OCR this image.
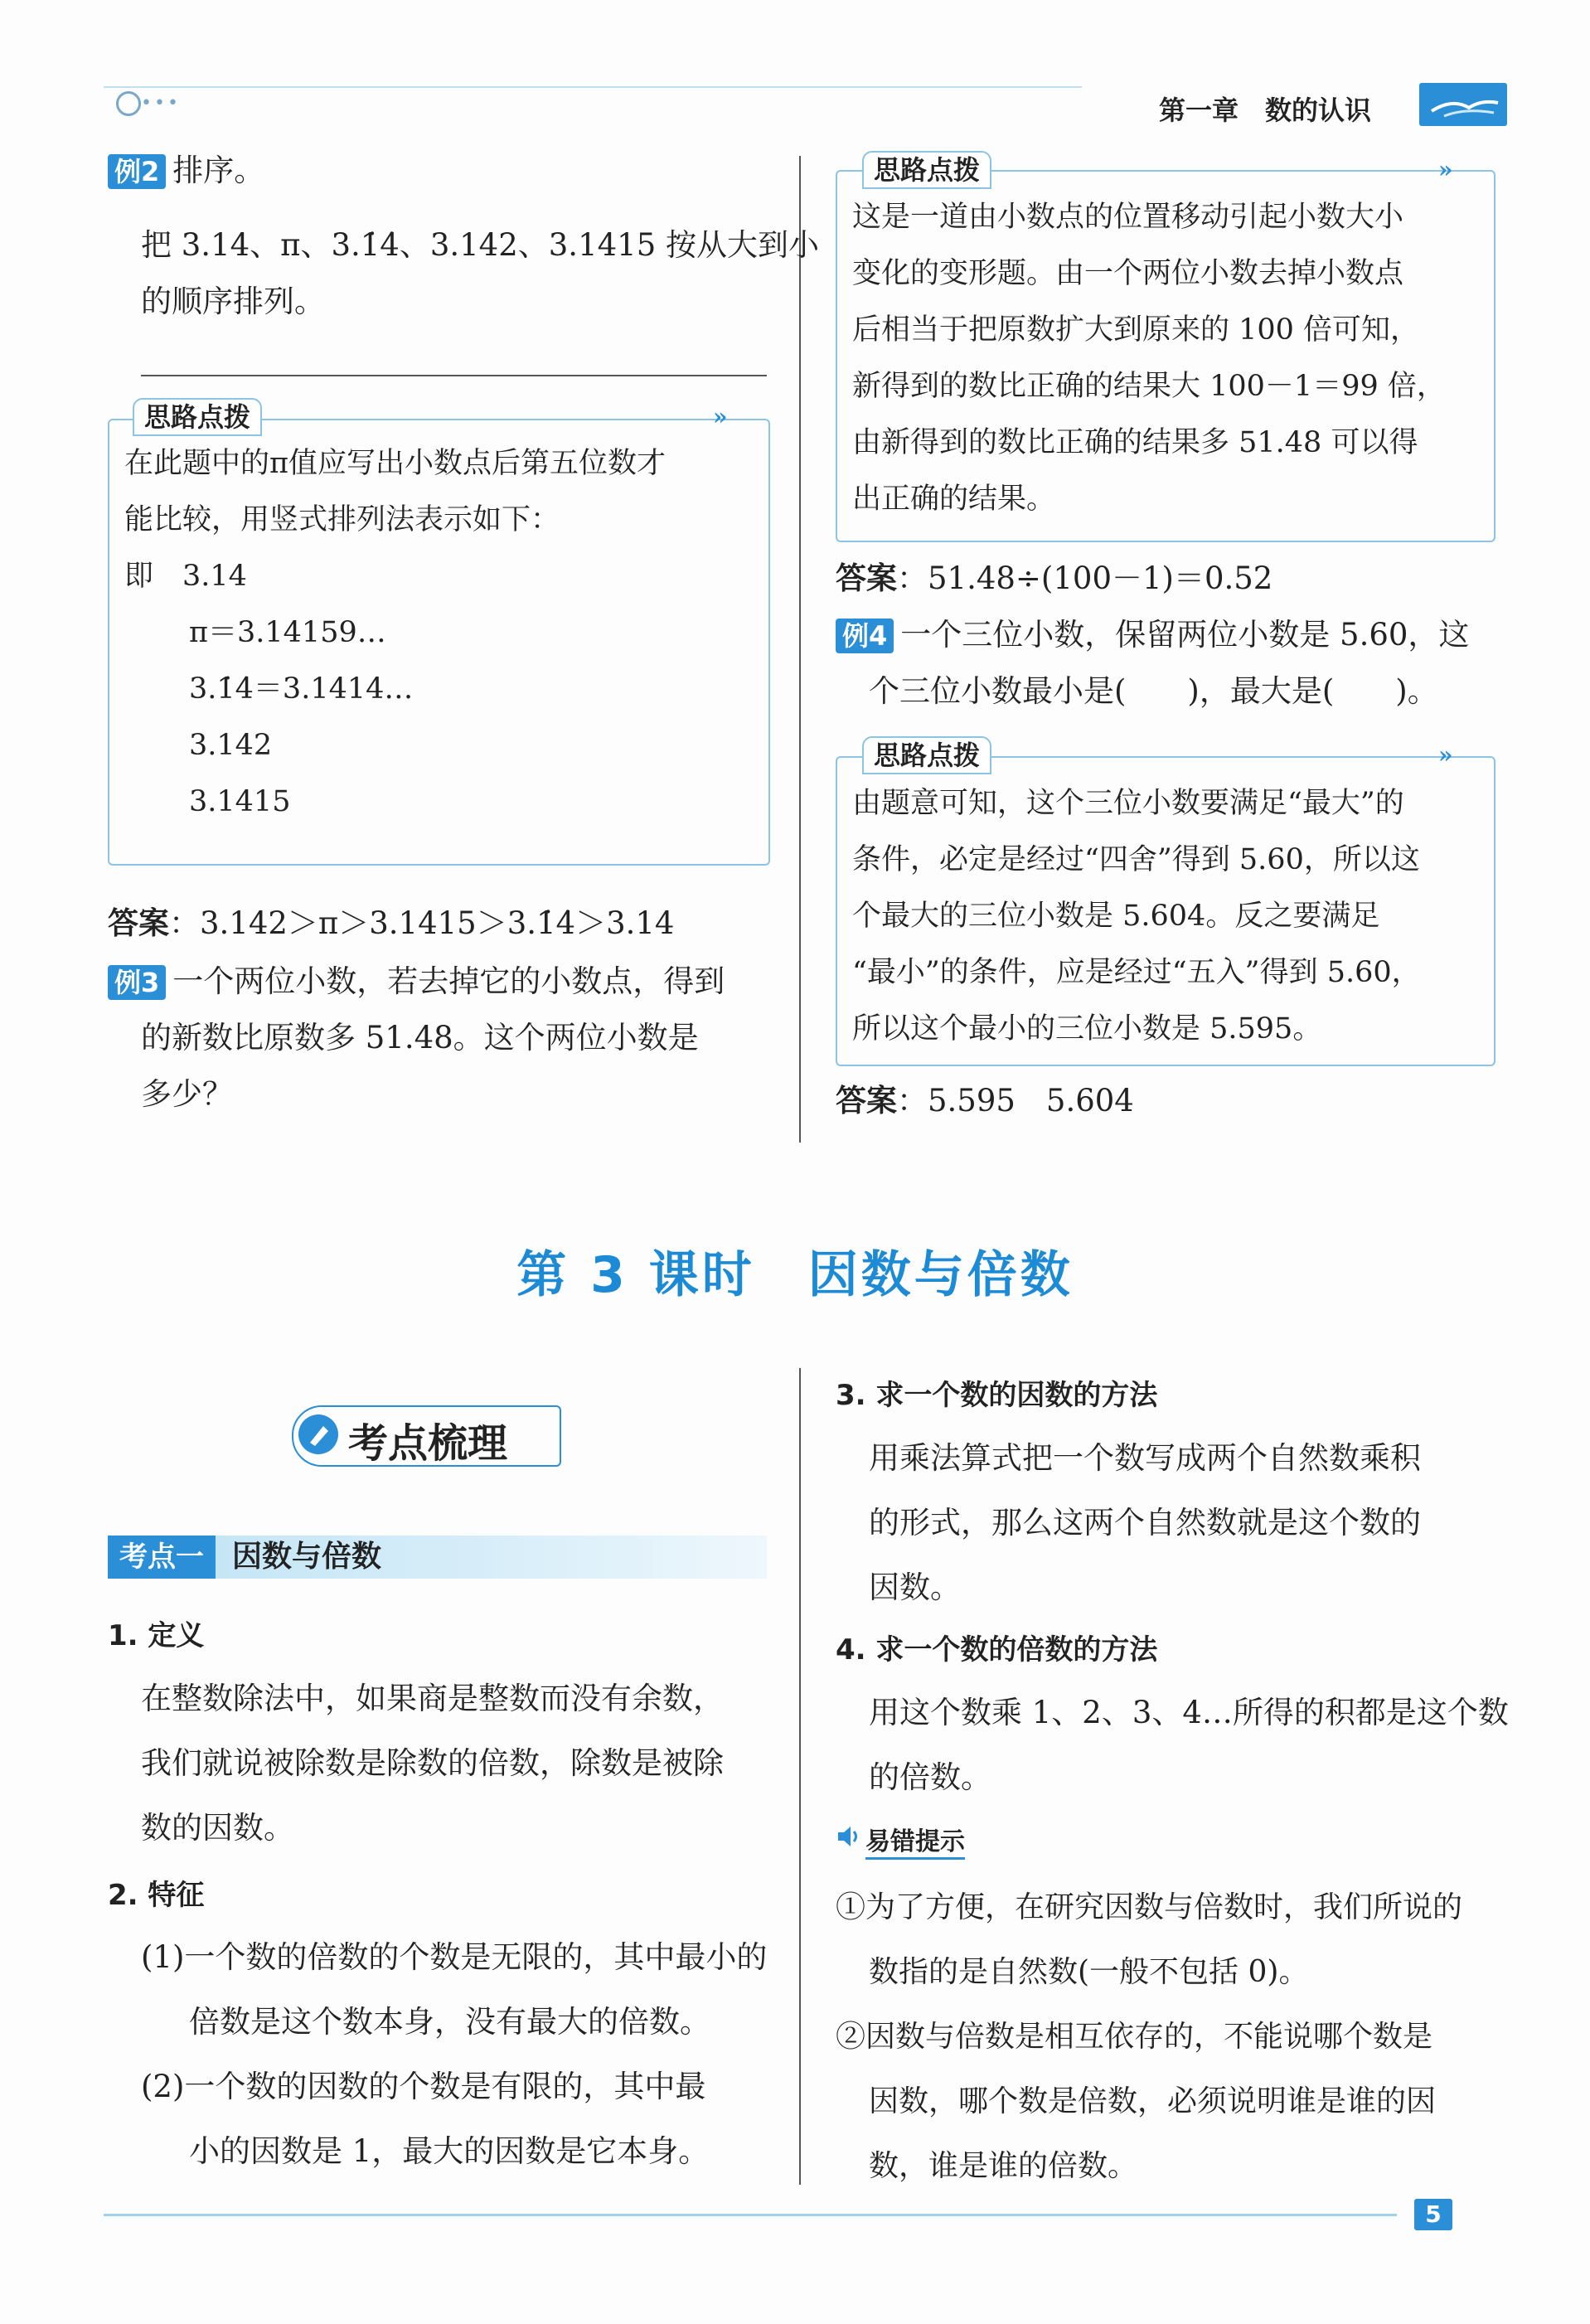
•••	第一章　数的认识
例2 排序。
把 3.14、π、3.1̇4̇、3.142、3.1415 按从大到小
的顺序排列。
思路点拨	»
在此题中的π值应写出小数点后第五位数才
能比较，用竖式排列法表示如下：
即　3.14
π＝3.14159…
3.1̇4̇＝3.1414…
3.142
3.1415
答案：3.142＞π＞3.1415＞3.1̇4̇＞3.14
例3 一个两位小数，若去掉它的小数点，得到
的新数比原数多 51.48。这个两位小数是
多少？
思路点拨	»
这是一道由小数点的位置移动引起小数大小
变化的变形题。由一个两位小数去掉小数点
后相当于把原数扩大到原来的 100 倍可知，
新得到的数比正确的结果大 100－1＝99 倍，
由新得到的数比正确的结果多 51.48 可以得
出正确的结果。
答案：51.48÷(100－1)＝0.52
例4 一个三位小数，保留两位小数是 5.60，这
个三位小数最小是(　　)，最大是(　　)。
思路点拨	»
由题意可知，这个三位小数要满足“最大”的
条件，必定是经过“四舍”得到 5.60，所以这
个最大的三位小数是 5.604。反之要满足
“最小”的条件，应是经过“五入”得到 5.60，
所以这个最小的三位小数是 5.595。
答案：5.595　5.604
第 3 课时　因数与倍数
考点梳理
考点一 因数与倍数
1. 定义
在整数除法中，如果商是整数而没有余数，
我们就说被除数是除数的倍数，除数是被除
数的因数。
2. 特征
(1)一个数的倍数的个数是无限的，其中最小的
倍数是这个数本身，没有最大的倍数。
(2)一个数的因数的个数是有限的，其中最
小的因数是 1，最大的因数是它本身。
3. 求一个数的因数的方法
用乘法算式把一个数写成两个自然数乘积
的形式，那么这两个自然数就是这个数的
因数。
4. 求一个数的倍数的方法
用这个数乘 1、2、3、4…所得的积都是这个数
的倍数。
易错提示
①为了方便，在研究因数与倍数时，我们所说的
数指的是自然数(一般不包括 0)。
②因数与倍数是相互依存的，不能说哪个数是
因数，哪个数是倍数，必须说明谁是谁的因
数，谁是谁的倍数。
5
